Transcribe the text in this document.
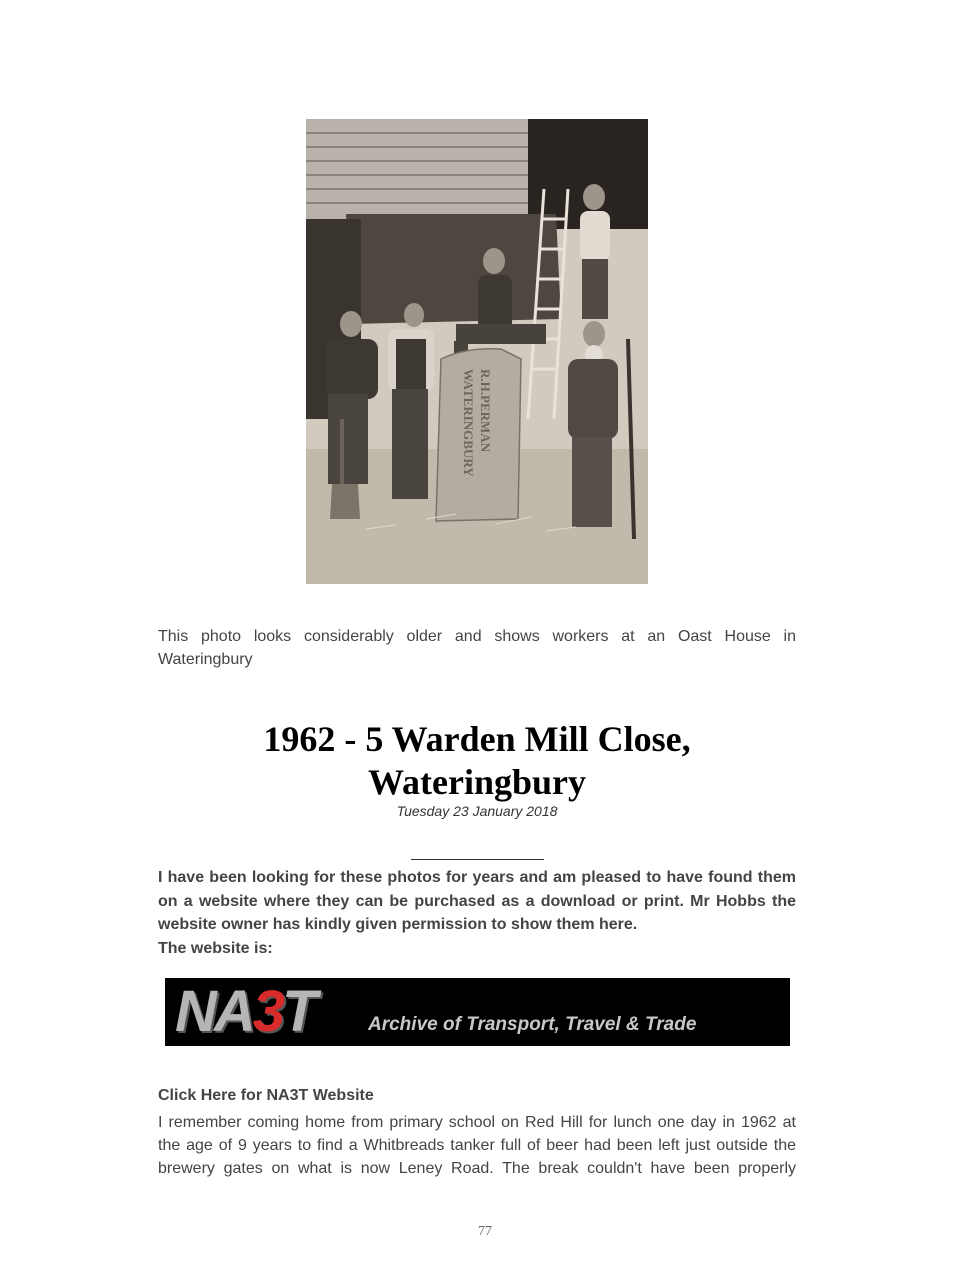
R.H.PERMAN
WATERINGBURY
This photo looks considerably older and shows workers at an Oast House in
Wateringbury
1962 - 5 Warden Mill Close,
Wateringbury
Tuesday 23 January 2018

I have been looking for these photos for years and am pleased to have found them on a website where they can be purchased as a download or print. Mr Hobbs the website owner has kindly given permission to show them here.

The website is:

NA3T	Archive of Transport, Travel & Trade
Click Here for NA3T Website
I remember coming home from primary school on Red Hill for lunch one day in 1962 at
the age of 9 years to find a Whitbreads tanker full of beer had been left just outside the
brewery gates on what is now Leney Road. The break couldn't have been properly
77
